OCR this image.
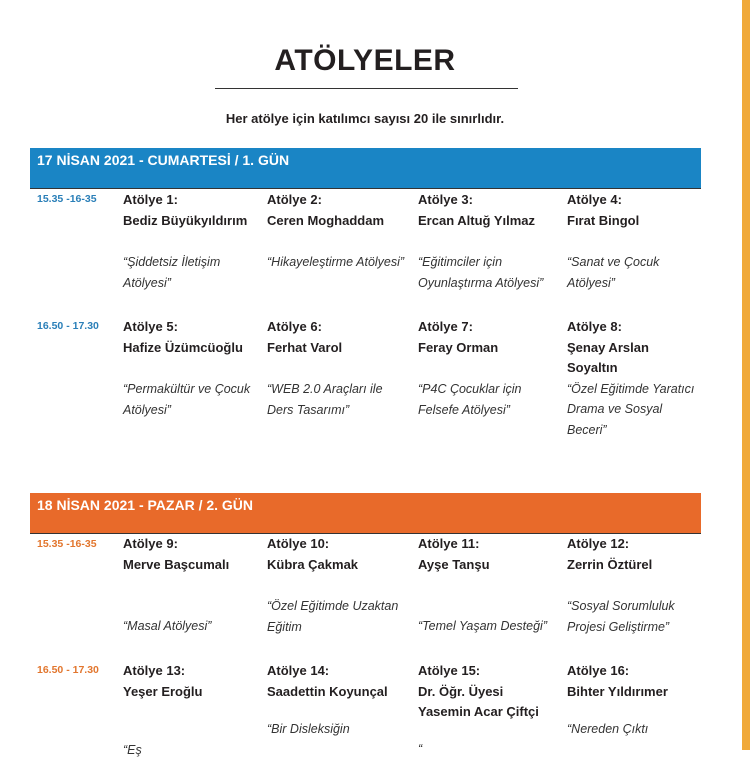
ATÖLYELER
Her atölye için katılımcı sayısı 20 ile sınırlıdır.
17 NİSAN 2021 - CUMARTESİ / 1. GÜN
15.35 -16-35 Atölye 1:
Bediz Büyükyıldırım
“Şiddetsiz İletişim Atölyesi”
Atölye 2:
Ceren Moghaddam
“Hikayeleştirme Atölyesi”
Atölye 3:
Ercan Altuğ Yılmaz
“Eğitimciler için Oyunlaştırma Atölyesi”
Atölye 4:
Fırat Bingol
“Sanat ve Çocuk Atölyesi”
16.50 - 17.30 Atölye 5:
Hafize Üzümcüoğlu
“Permakültür ve Çocuk Atölyesi”
Atölye 6:
Ferhat Varol
“WEB 2.0 Araçları ile Ders Tasarımı”
Atölye 7:
Feray Orman
“P4C Çocuklar için Felsefe Atölyesi”
Atölye 8:
Şenay Arslan Soyaltın
“Özel Eğitimde Yaratıcı Drama ve Sosyal Beceri”
18 NİSAN 2021 - PAZAR / 2. GÜN
15.35 -16-35 Atölye 9:
Merve Başcumalı
“Masal Atölyesi”
Atölye 10:
Kübra Çakmak
“Özel Eğitimde Uzaktan Eğitim
Atölye 11:
Ayşe Tanşu
“Temel Yaşam Desteği”
Atölye 12:
Zerrin Öztürel
“Sosyal Sorumluluk Projesi Geliştirme”
16.50 - 17.30 Atölye 13:
Yeşer Eroğlu
“Eş
Atölye 14:
Saadettin Koyunçal
“Bir Disleksiğin
Atölye 15:
Dr. Öğr. Üyesi Yasemin Acar Çiftçi
“
Atölye 16:
Bihter Yıldırımer
“Nereden Çıktı
